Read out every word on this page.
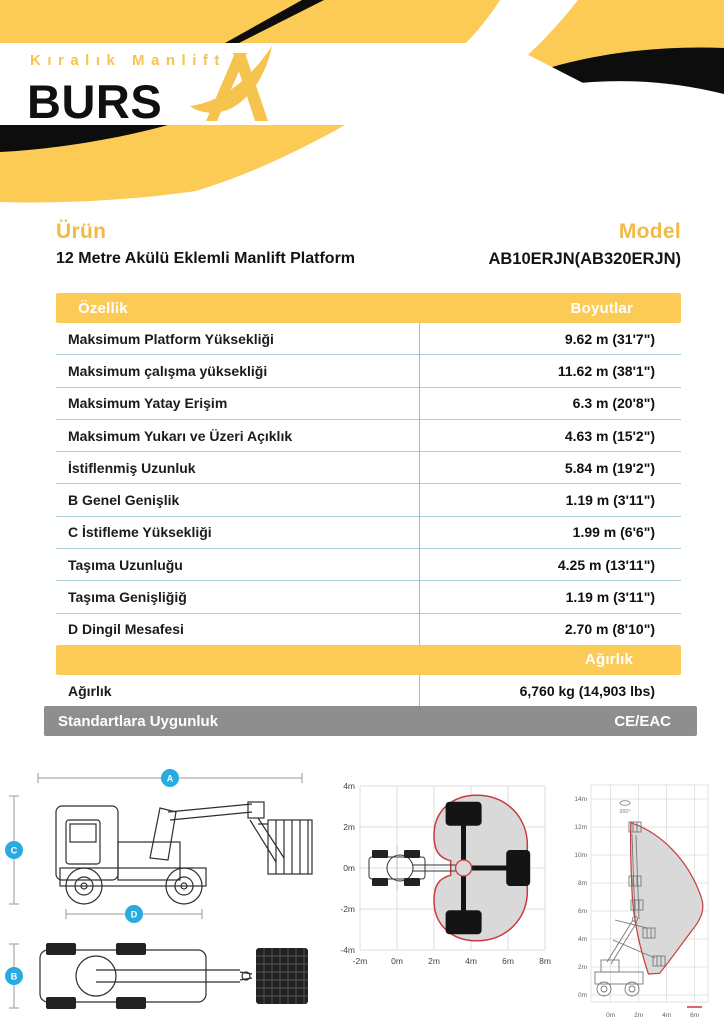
Kıralık Manlift
BURS
Ürün
12 Metre Akülü Eklemli Manlift Platform
Model
AB10ERJN(AB320ERJN)
Özellik	Boyutlar
Maksimum Platform Yüksekliği	9.62 m (31'7")
Maksimum çalışma yüksekliği	11.62 m (38'1")
Maksimum Yatay Erişim	6.3 m (20'8")
Maksimum Yukarı ve Üzeri Açıklık	4.63 m (15'2")
İstiflenmiş Uzunluk	5.84 m (19'2")
B Genel Genişlik	1.19 m (3'11")
C İstifleme Yüksekliği	1.99 m (6'6")
Taşıma Uzunluğu	4.25 m (13'11")
Taşıma Genişliğiğ	1.19 m (3'11")
D Dingil Mesafesi	2.70 m (8'10")
Ağırlık
Ağırlık	6,760 kg (14,903 lbs)
Standartlara Uygunluk	CE/EAC
A
C
D
B
-2m	0m	2m	4m	6m	8m
4m
2m
0m
-2m
-4m
360°
14m
12m
10m
8m
6m
4m
2m
0m
0m	2m	4m	6m
